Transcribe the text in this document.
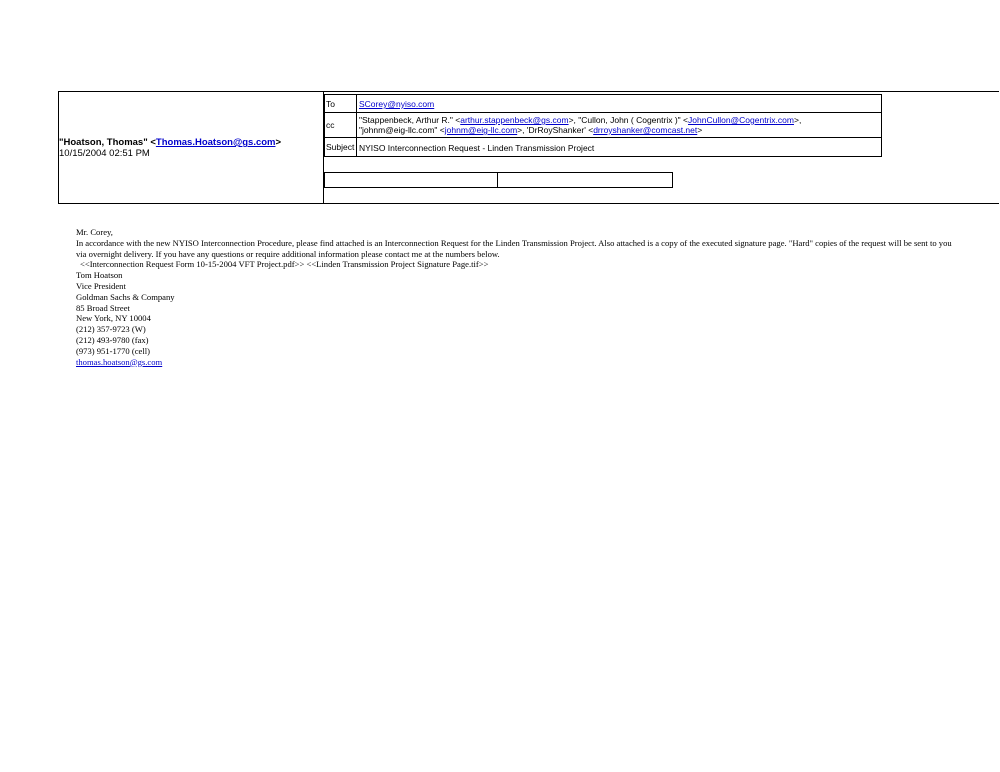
"Hoatson, Thomas" <Thomas.Hoatson@gs.com>
10/15/2004 02:51 PM
To	SCorey@nyiso.com
cc	"Stappenbeck, Arthur R." <arthur.stappenbeck@gs.com>, "Cullon, John ( Cogentrix )" <JohnCullon@Cogentrix.com>,
"johnm@eig-llc.com" <johnm@eig-llc.com>, 'DrRoyShanker' <drroyshanker@comcast.net>
Subject NYISO Interconnection Request - Linden Transmission Project

Mr. Corey,

In accordance with the new NYISO Interconnection Procedure, please find attached is an Interconnection Request for the Linden Transmission Project. Also attached is a copy of the executed signature page. "Hard" copies of the request will be sent to you via overnight delivery. If you have any questions or require additional information please contact me at the numbers below.

<<Interconnection Request Form 10-15-2004 VFT Project.pdf>> <<Linden Transmission Project Signature Page.tif>>

Tom Hoatson

Vice President

Goldman Sachs & Company

85 Broad Street

New York, NY 10004

(212) 357-9723 (W)

(212) 493-9780 (fax)

(973) 951-1770 (cell)

thomas.hoatson@gs.com
